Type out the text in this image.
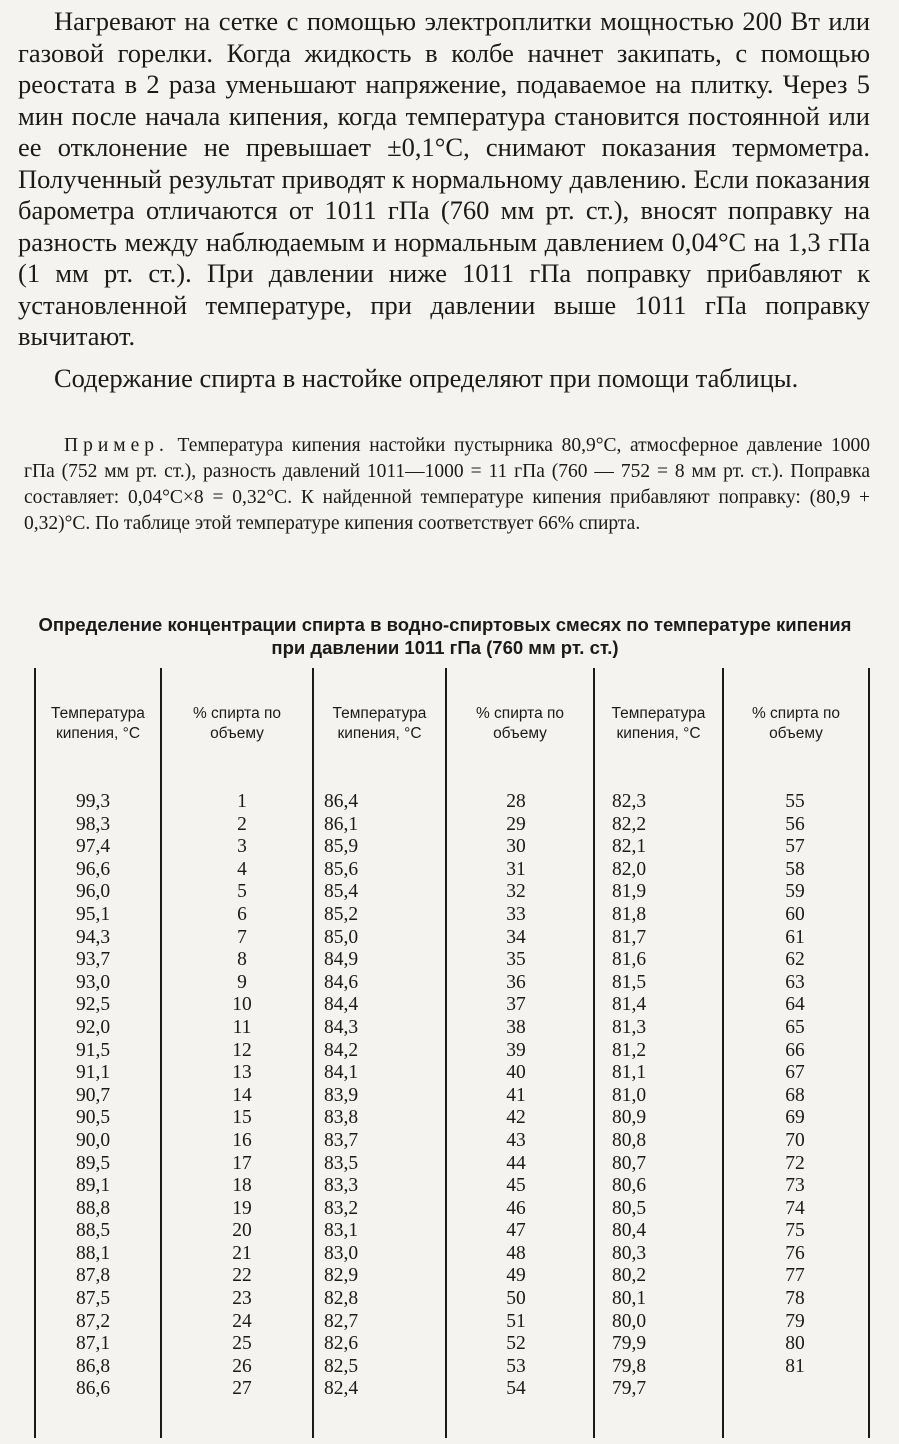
Нагревают на сетке с помощью электроплитки мощностью 200 Вт или газовой горелки. Когда жидкость в колбе начнет закипать, с помощью реостата в 2 раза уменьшают напряжение, подаваемое на плитку. Через 5 мин после начала кипения, когда температура становится постоянной или ее отклонение не превышает ±0,1°С, снимают показания термометра. Полученный результат приводят к нормальному давлению. Если показания барометра отличаются от 1011 гПа (760 мм рт. ст.), вносят поправку на разность между наблюдаемым и нормальным давлением 0,04°С на 1,3 гПа (1 мм рт. ст.). При давлении ниже 1011 гПа поправку прибавляют к установленной температуре, при давлении выше 1011 гПа поправку вычитают.

Содержание спирта в настойке определяют при помощи таблицы.

Пример. Температура кипения настойки пустырника 80,9°С, атмосферное давление 1000 гПа (752 мм рт. ст.), разность давлений 1011—1000 = 11 гПа (760 — 752 = 8 мм рт. ст.). Поправка составляет: 0,04°С×8 = 0,32°С. К найденной температуре кипения прибавляют поправку: (80,9 + 0,32)°С. По таблице этой температуре кипения соответствует 66% спирта.

Определение концентрации спирта в водно-спиртовых смесях по температуре кипения
при давлении 1011 гПа (760 мм рт. ст.)
Температура
кипения, °С
% спирта по
объему
Температура
кипения, °С
% спирта по
объему
Температура
кипения, °С
% спирта по
объему
99,3
98,3
97,4
96,6
96,0
95,1
94,3
93,7
93,0
92,5
92,0
91,5
91,1
90,7
90,5
90,0
89,5
89,1
88,8
88,5
88,1
87,8
87,5
87,2
87,1
86,8
86,6
1
2
3
4
5
6
7
8
9
10
11
12
13
14
15
16
17
18
19
20
21
22
23
24
25
26
27
86,4
86,1
85,9
85,6
85,4
85,2
85,0
84,9
84,6
84,4
84,3
84,2
84,1
83,9
83,8
83,7
83,5
83,3
83,2
83,1
83,0
82,9
82,8
82,7
82,6
82,5
82,4
28
29
30
31
32
33
34
35
36
37
38
39
40
41
42
43
44
45
46
47
48
49
50
51
52
53
54
82,3
82,2
82,1
82,0
81,9
81,8
81,7
81,6
81,5
81,4
81,3
81,2
81,1
81,0
80,9
80,8
80,7
80,6
80,5
80,4
80,3
80,2
80,1
80,0
79,9
79,8
79,7
55
56
57
58
59
60
61
62
63
64
65
66
67
68
69
70
72
73
74
75
76
77
78
79
80
81
